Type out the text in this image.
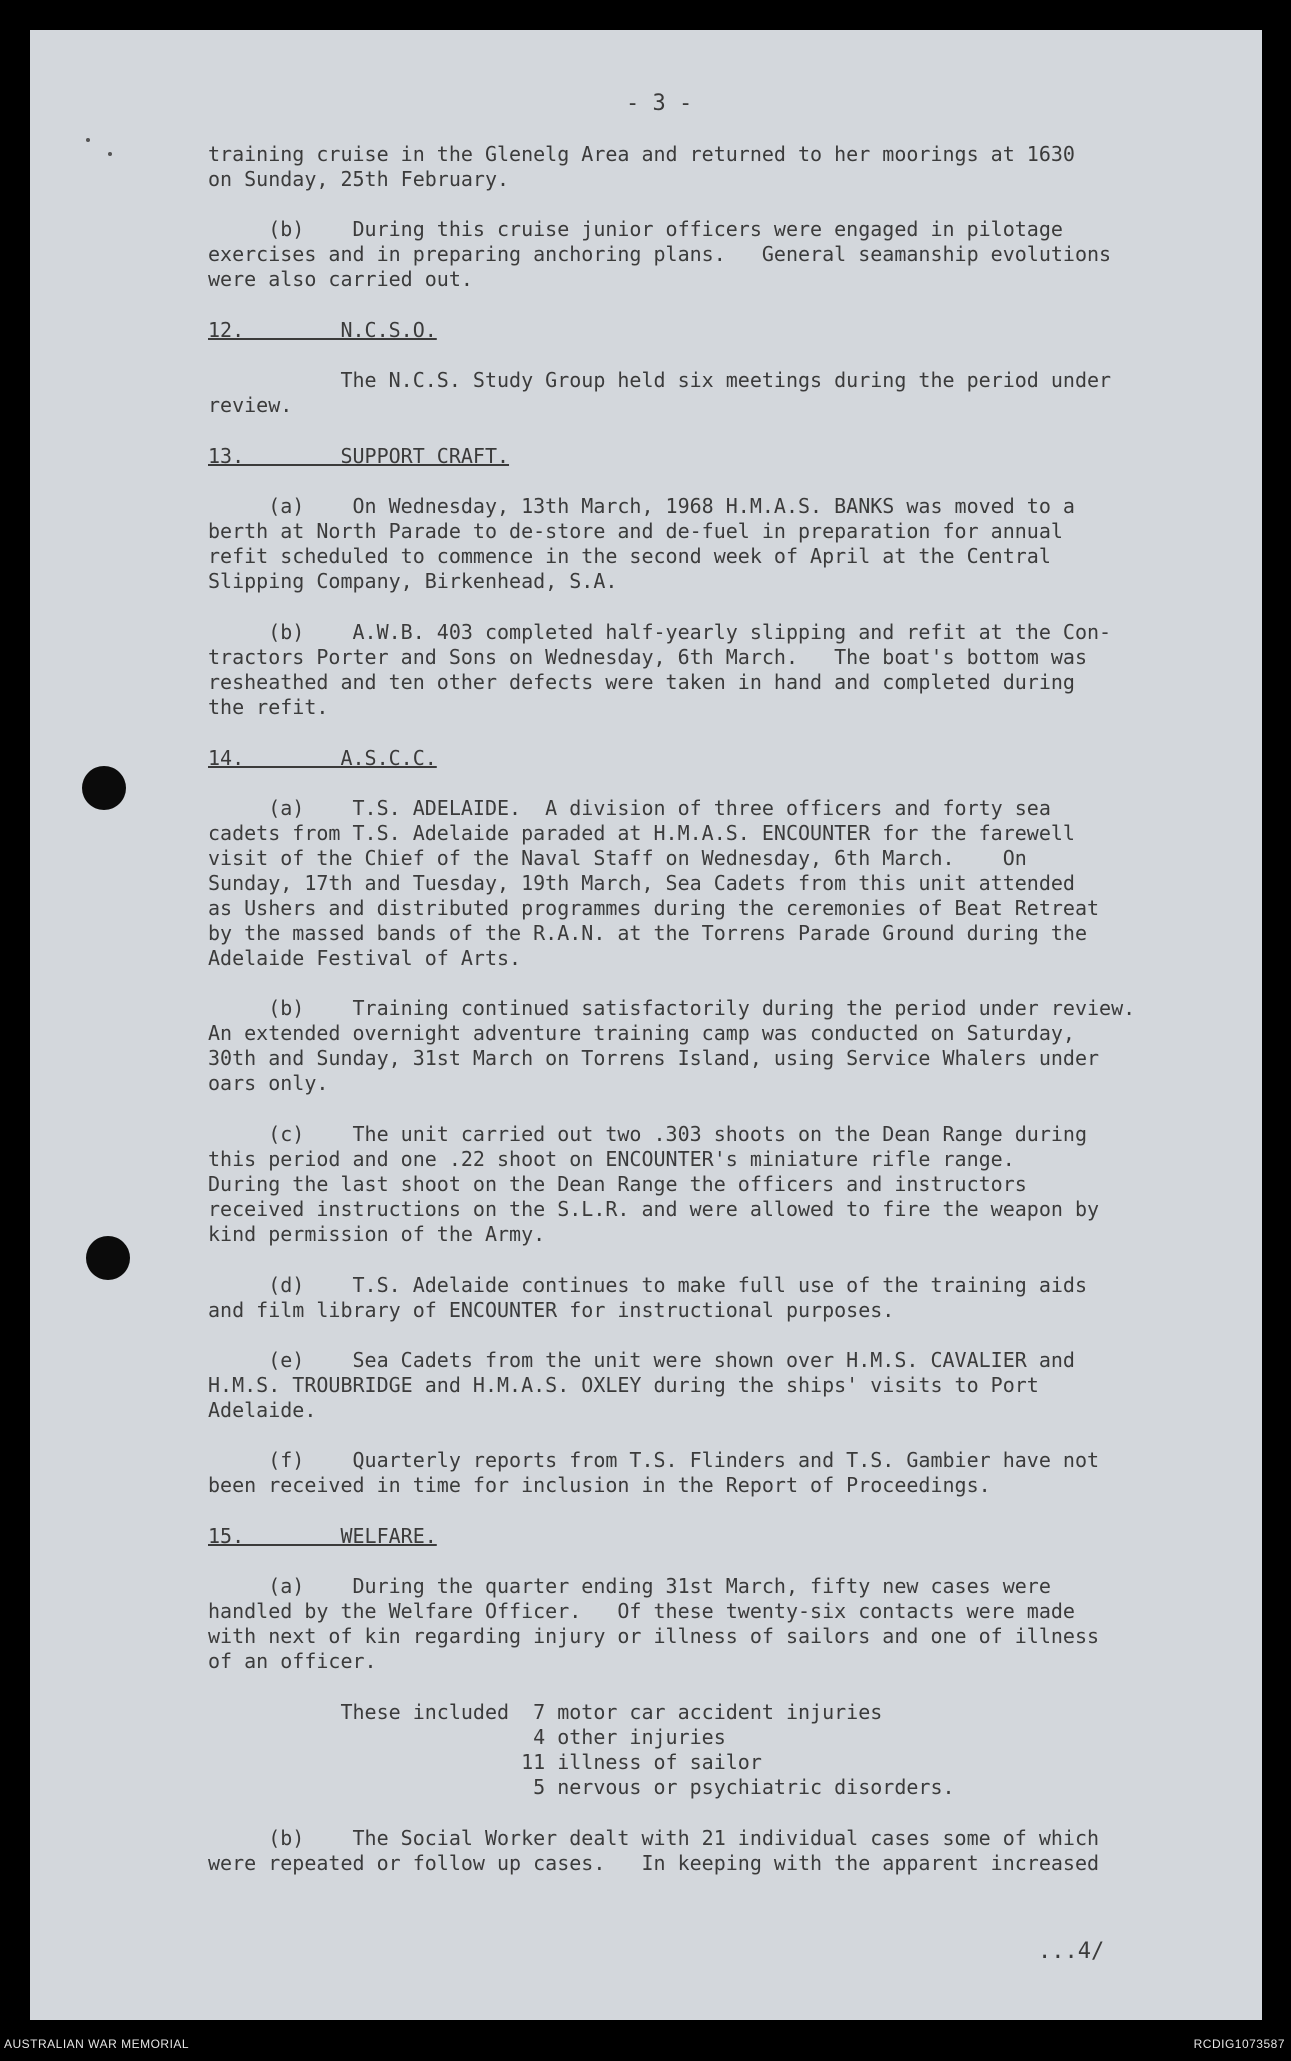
- 3 -
training cruise in the Glenelg Area and returned to her moorings at 1630
on Sunday, 25th February.
(b)    During this cruise junior officers were engaged in pilotage
exercises and in preparing anchoring plans.   General seamanship evolutions
were also carried out.
12.        N.C.S.O.
The N.C.S. Study Group held six meetings during the period under
review.
13.        SUPPORT CRAFT.
(a)    On Wednesday, 13th March, 1968 H.M.A.S. BANKS was moved to a
berth at North Parade to de-store and de-fuel in preparation for annual
refit scheduled to commence in the second week of April at the Central
Slipping Company, Birkenhead, S.A.
(b)    A.W.B. 403 completed half-yearly slipping and refit at the Con-
tractors Porter and Sons on Wednesday, 6th March.   The boat's bottom was
resheathed and ten other defects were taken in hand and completed during
the refit.
14.        A.S.C.C.
(a)    T.S. ADELAIDE.  A division of three officers and forty sea
cadets from T.S. Adelaide paraded at H.M.A.S. ENCOUNTER for the farewell
visit of the Chief of the Naval Staff on Wednesday, 6th March.    On
Sunday, 17th and Tuesday, 19th March, Sea Cadets from this unit attended
as Ushers and distributed programmes during the ceremonies of Beat Retreat
by the massed bands of the R.A.N. at the Torrens Parade Ground during the
Adelaide Festival of Arts.
(b)    Training continued satisfactorily during the period under review.
An extended overnight adventure training camp was conducted on Saturday,
30th and Sunday, 31st March on Torrens Island, using Service Whalers under
oars only.
(c)    The unit carried out two .303 shoots on the Dean Range during
this period and one .22 shoot on ENCOUNTER's miniature rifle range.
During the last shoot on the Dean Range the officers and instructors
received instructions on the S.L.R. and were allowed to fire the weapon by
kind permission of the Army.
(d)    T.S. Adelaide continues to make full use of the training aids
and film library of ENCOUNTER for instructional purposes.
(e)    Sea Cadets from the unit were shown over H.M.S. CAVALIER and
H.M.S. TROUBRIDGE and H.M.A.S. OXLEY during the ships' visits to Port
Adelaide.
(f)    Quarterly reports from T.S. Flinders and T.S. Gambier have not
been received in time for inclusion in the Report of Proceedings.
15.        WELFARE.
(a)    During the quarter ending 31st March, fifty new cases were
handled by the Welfare Officer.   Of these twenty-six contacts were made
with next of kin regarding injury or illness of sailors and one of illness
of an officer.
These included  7 motor car accident injuries
4 other injuries
11 illness of sailor
5 nervous or psychiatric disorders.
(b)    The Social Worker dealt with 21 individual cases some of which
were repeated or follow up cases.   In keeping with the apparent increased
...4/
AUSTRALIAN WAR MEMORIAL	RCDIG1073587
